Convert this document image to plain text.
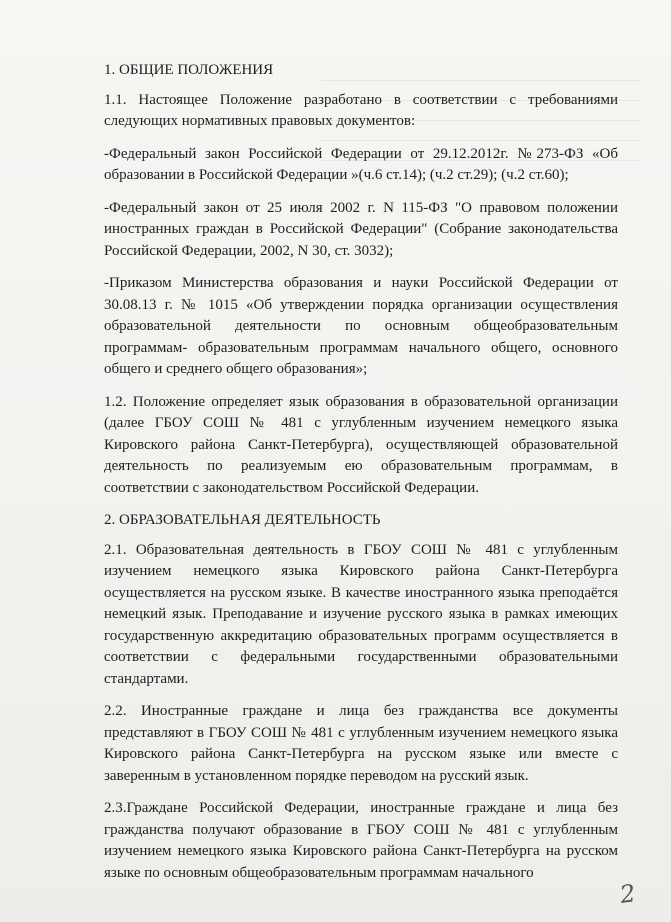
1. ОБЩИЕ ПОЛОЖЕНИЯ

1.1. Настоящее Положение разработано в соответствии с требованиями следующих нормативных правовых документов:

-Федеральный закон Российской Федерации от 29.12.2012г. №273-ФЗ «Об образовании в Российской Федерации »(ч.6 ст.14); (ч.2 ст.29); (ч.2 ст.60);

-Федеральный закон от 25 июля 2002 г. N 115-ФЗ "О правовом положении иностранных граждан в Российской Федерации" (Собрание законодательства Российской Федерации, 2002, N 30, ст. 3032);

-Приказом Министерства образования и науки Российской Федерации от 30.08.13 г. № 1015 «Об утверждении порядка организации осуществления образовательной деятельности по основным общеобразовательным программам- образовательным программам начального общего, основного общего и среднего общего образования»;

1.2. Положение определяет язык образования в образовательной организации (далее ГБОУ СОШ № 481 с углубленным изучением немецкого языка Кировского района Санкт-Петербурга), осуществляющей образовательной деятельность по реализуемым ею образовательным программам, в соответствии с законодательством Российской Федерации.

2. ОБРАЗОВАТЕЛЬНАЯ ДЕЯТЕЛЬНОСТЬ

2.1. Образовательная деятельность в ГБОУ СОШ № 481 с углубленным изучением немецкого языка Кировского района Санкт-Петербурга осуществляется на русском языке. В качестве иностранного языка преподаётся немецкий язык. Преподавание и изучение русского языка в рамках имеющих государственную аккредитацию образовательных программ осуществляется в соответствии с федеральными государственными образовательными стандартами.

2.2. Иностранные граждане и лица без гражданства все документы представляют в ГБОУ СОШ № 481 с углубленным изучением немецкого языка Кировского района Санкт-Петербурга на русском языке или вместе с заверенным в установленном порядке переводом на русский язык.

2.3.Граждане Российской Федерации, иностранные граждане и лица без гражданства получают образование в ГБОУ СОШ № 481 с углубленным изучением немецкого языка Кировского района Санкт-Петербурга на русском языке по основным общеобразовательным программам начального

2
